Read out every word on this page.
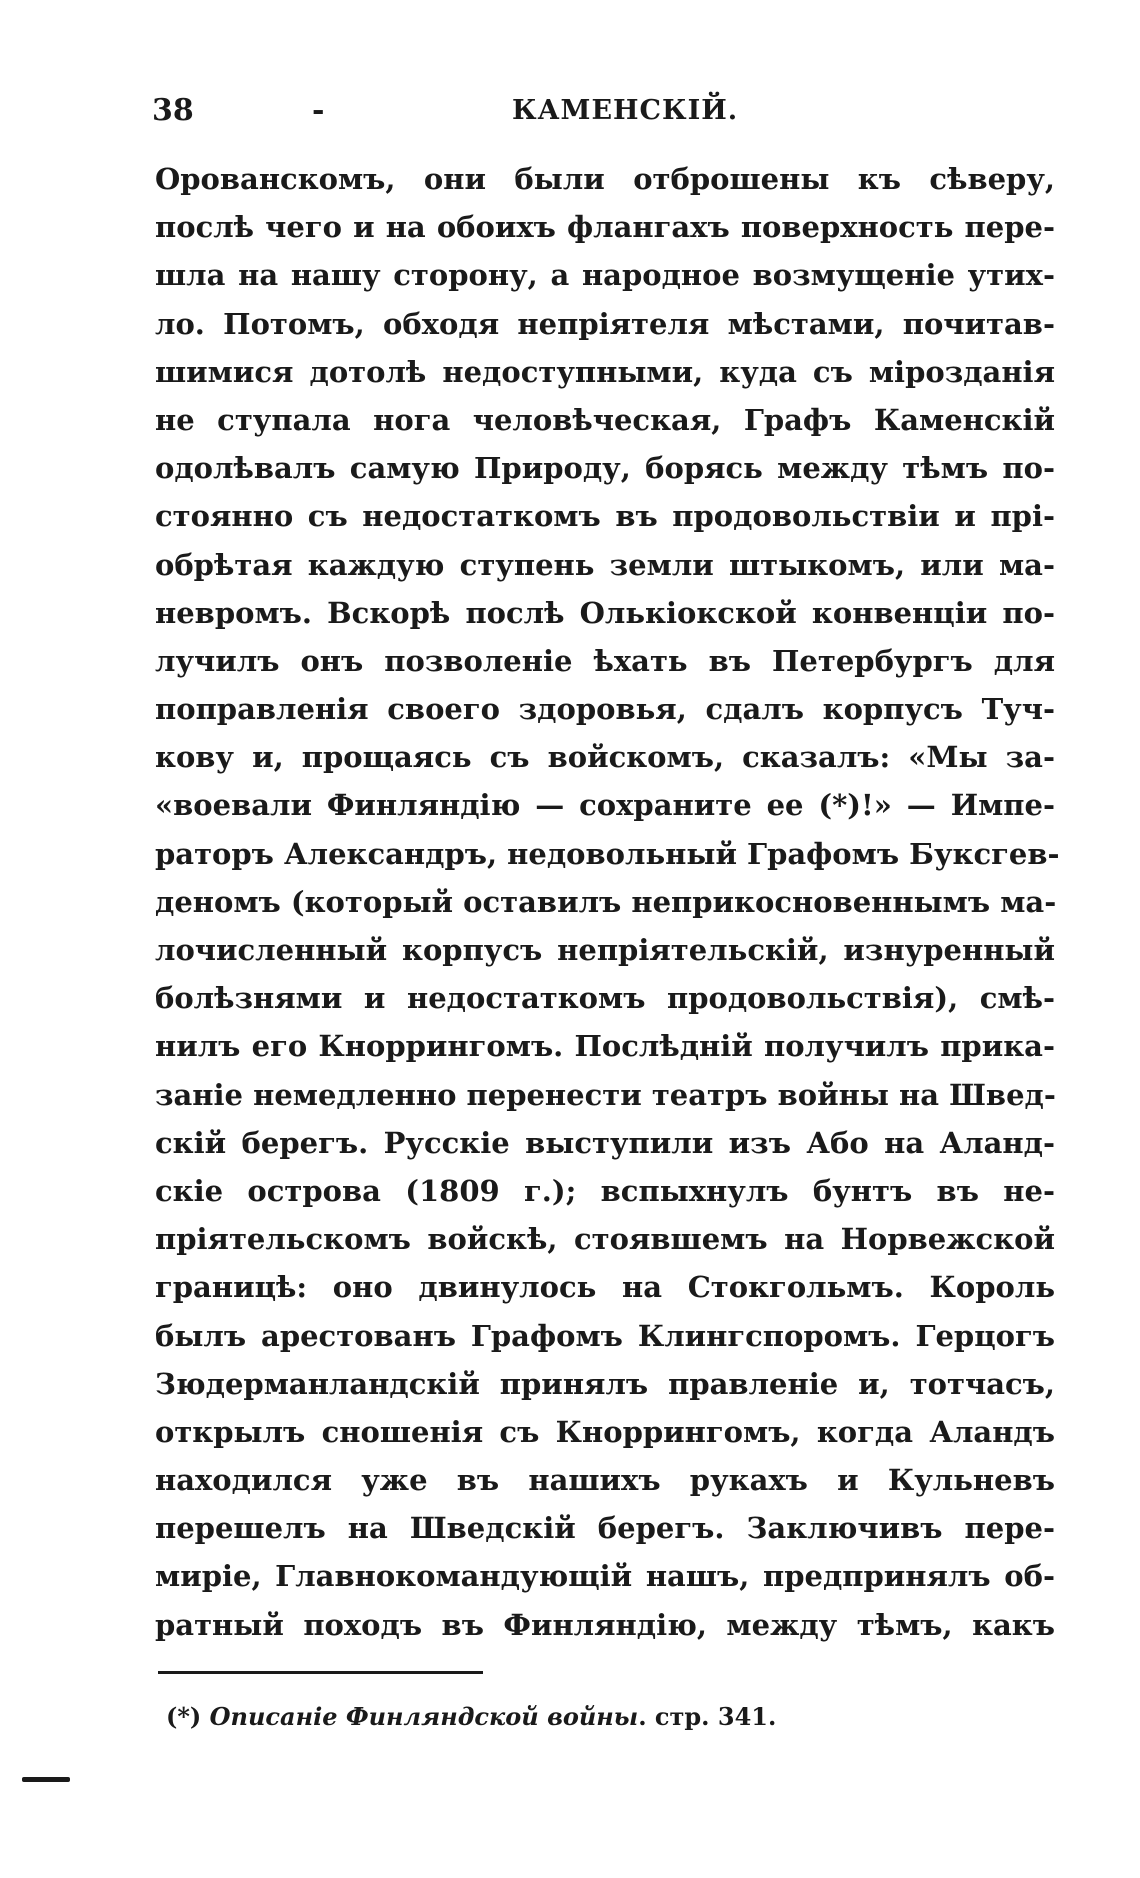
38	-	КАМЕНСКІЙ.
Орованскомъ, они были отброшены къ сѣверу,
послѣ чего и на обоихъ флангахъ поверхность пере-
шла на нашу сторону, а народное возмущеніе утих-
ло. Потомъ, обходя непріятеля мѣстами, почитав-
шимися дотолѣ недоступными, куда съ мірозданія
не ступала нога человѣческая, Графъ Каменскій
одолѣвалъ самую Природу, борясь между тѣмъ по-
стоянно съ недостаткомъ въ продовольствіи и прі-
обрѣтая каждую ступень земли штыкомъ, или ма-
невромъ. Вскорѣ послѣ Олькіокской конвенціи по-
лучилъ онъ позволеніе ѣхать въ Петербургъ для
поправленія своего здоровья, сдалъ корпусъ Туч-
кову и, прощаясь съ войскомъ, сказалъ: «Мы за-
«воевали Финляндію — сохраните ее (*)!» — Импе-
раторъ Александръ, недовольный Графомъ Буксгев-
деномъ (который оставилъ неприкосновеннымъ ма-
лочисленный корпусъ непріятельскій, изнуренный
болѣзнями и недостаткомъ продовольствія), смѣ-
нилъ его Кноррингомъ. Послѣдній получилъ прика-
заніе немедленно перенести театръ войны на Швед-
скій берегъ. Русскіе выступили изъ Або на Аланд-
скіе острова (1809 г.); вспыхнулъ бунтъ въ не-
пріятельскомъ войскѣ, стоявшемъ на Норвежской
границѣ: оно двинулось на Стокгольмъ. Король
былъ арестованъ Графомъ Клингспоромъ. Герцогъ
Зюдерманландскій принялъ правленіе и, тотчасъ,
открылъ сношенія съ Кноррингомъ, когда Аландъ
находился уже въ нашихъ рукахъ и Кульневъ
перешелъ на Шведскій берегъ. Заключивъ пере-
миріе, Главнокомандующій нашъ, предпринялъ об-
ратный походъ въ Финляндію, между тѣмъ, какъ
(*) Описаніе Финляндской войны. стр. 341.
